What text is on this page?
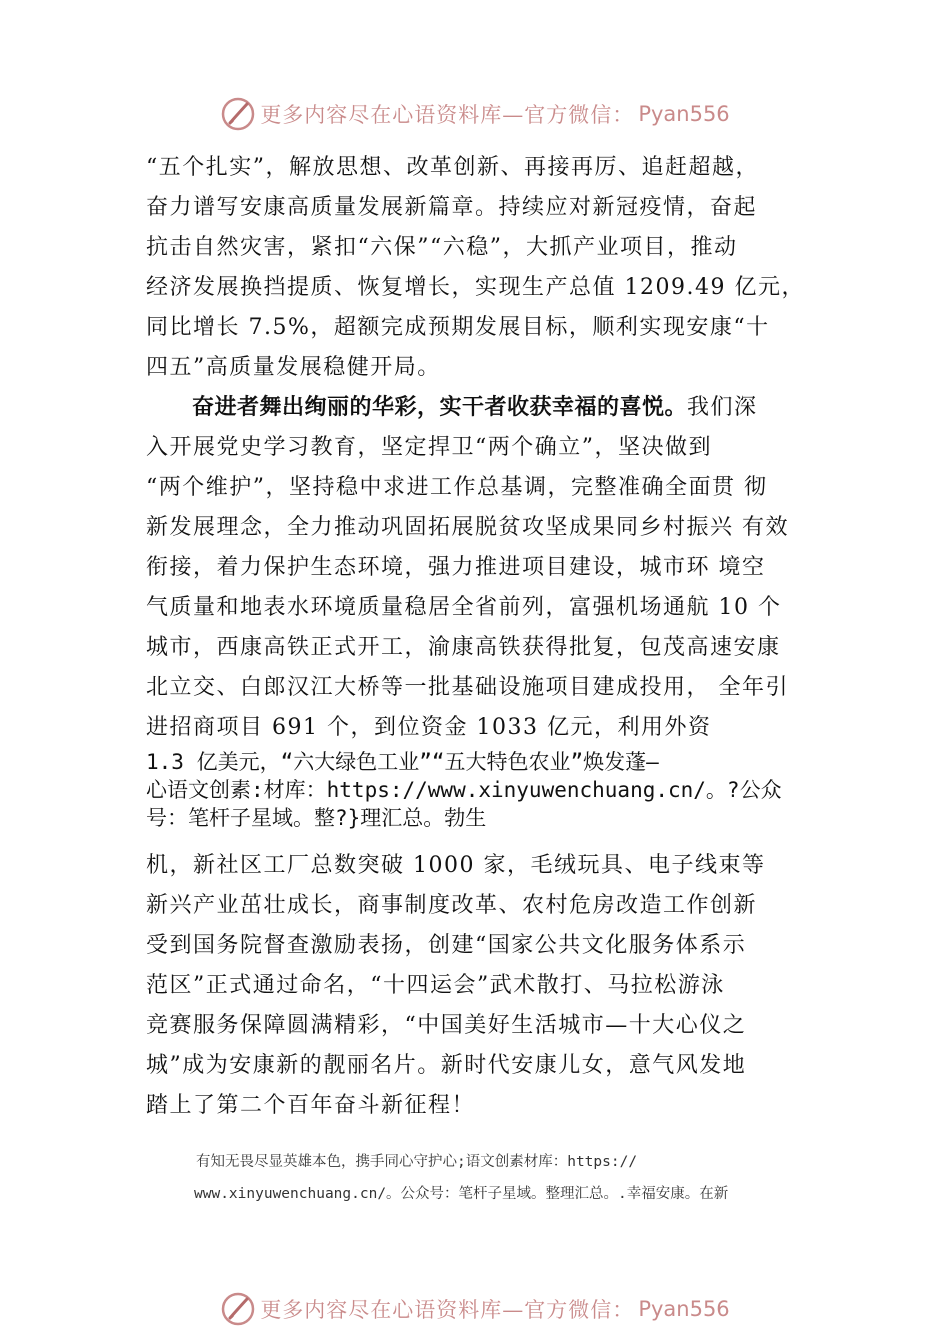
更多内容尽在心语资料库—官方微信： Pyan556
“五个扎实”，解放思想、改革创新、再接再厉、追赶超越，
奋力谱写安康高质量发展新篇章。持续应对新冠疫情，奋起
抗击自然灾害，紧扣“六保”“六稳”，大抓产业项目，推动
经济发展换挡提质、恢复增长，实现生产总值 1209.49 亿元，
同比增长 7.5%，超额完成预期发展目标，顺利实现安康“十
四五”高质量发展稳健开局。
奋进者舞出绚丽的华彩，实干者收获幸福的喜悦。我们深
入开展党史学习教育，坚定捍卫“两个确立”，坚决做到
“两个维护”，坚持稳中求进工作总基调，完整准确全面贯 彻
新发展理念，全力推动巩固拓展脱贫攻坚成果同乡村振兴 有效
衔接，着力保护生态环境，强力推进项目建设，城市环 境空
气质量和地表水环境质量稳居全省前列，富强机场通航 10 个
城市，西康高铁正式开工，渝康高铁获得批复，包茂高速安康
北立交、白郎汉江大桥等一批基础设施项目建成投用， 全年引
进招商项目 691 个，到位资金 1033 亿元，利用外资
1.3 亿美元，“六大绿色工业”“五大特色农业”焕发蓬—
心语文创素:材库：https://www.xinyuwenchuang.cn/。?公众
号：笔杆子星域。整?}理汇总。勃生
机，新社区工厂总数突破 1000 家，毛绒玩具、电子线束等
新兴产业茁壮成长，商事制度改革、农村危房改造工作创新
受到国务院督查激励表扬，创建“国家公共文化服务体系示
范区”正式通过命名，“十四运会”武术散打、马拉松游泳
竞赛服务保障圆满精彩，“中国美好生活城市—十大心仪之
城”成为安康新的靓丽名片。新时代安康儿女，意气风发地
踏上了第二个百年奋斗新征程！
有知无畏尽显英雄本色，携手同心守护心;语文创素材库：https://
www.xinyuwenchuang.cn/。公众号：笔杆子星域。整理汇总。.幸福安康。在新
更多内容尽在心语资料库—官方微信： Pyan556
